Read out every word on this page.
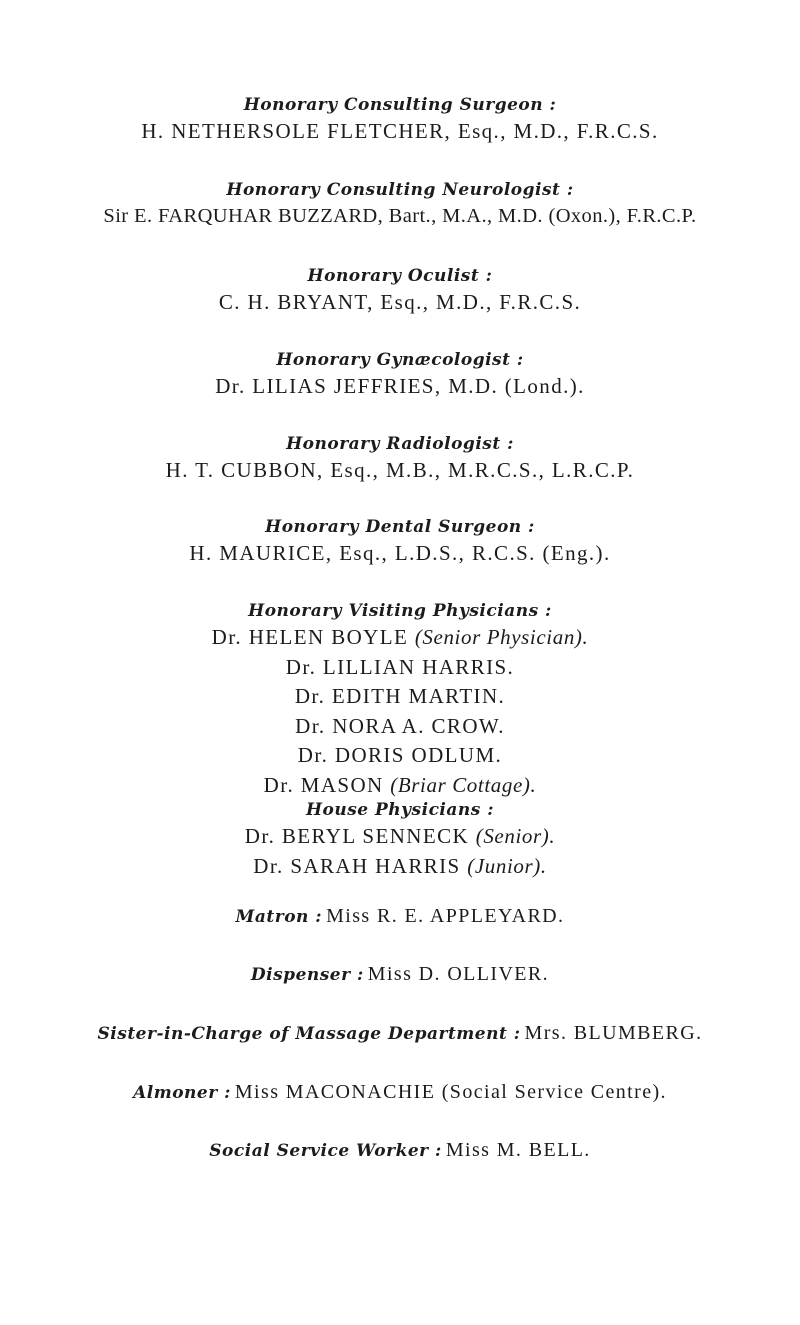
Honorary Consulting Surgeon :
H. NETHERSOLE FLETCHER, Esq., M.D., F.R.C.S.
Honorary Consulting Neurologist :
Sir E. FARQUHAR BUZZARD, Bart., M.A., M.D. (Oxon.), F.R.C.P.
Honorary Oculist :
C. H. BRYANT, Esq., M.D., F.R.C.S.
Honorary Gynæcologist :
Dr. LILIAS JEFFRIES, M.D. (Lond.).
Honorary Radiologist :
H. T. CUBBON, Esq., M.B., M.R.C.S., L.R.C.P.
Honorary Dental Surgeon :
H. MAURICE, Esq., L.D.S., R.C.S. (Eng.).
Honorary Visiting Physicians :
Dr. HELEN BOYLE (Senior Physician).
Dr. LILLIAN HARRIS.
Dr. EDITH MARTIN.
Dr. NORA A. CROW.
Dr. DORIS ODLUM.
Dr. MASON (Briar Cottage).
House Physicians :
Dr. BERYL SENNECK (Senior).
Dr. SARAH HARRIS (Junior).
Matron : Miss R. E. APPLEYARD.
Dispenser : Miss D. OLLIVER.
Sister-in-Charge of Massage Department : Mrs. BLUMBERG.
Almoner : Miss MACONACHIE (Social Service Centre).
Social Service Worker : Miss M. BELL.
